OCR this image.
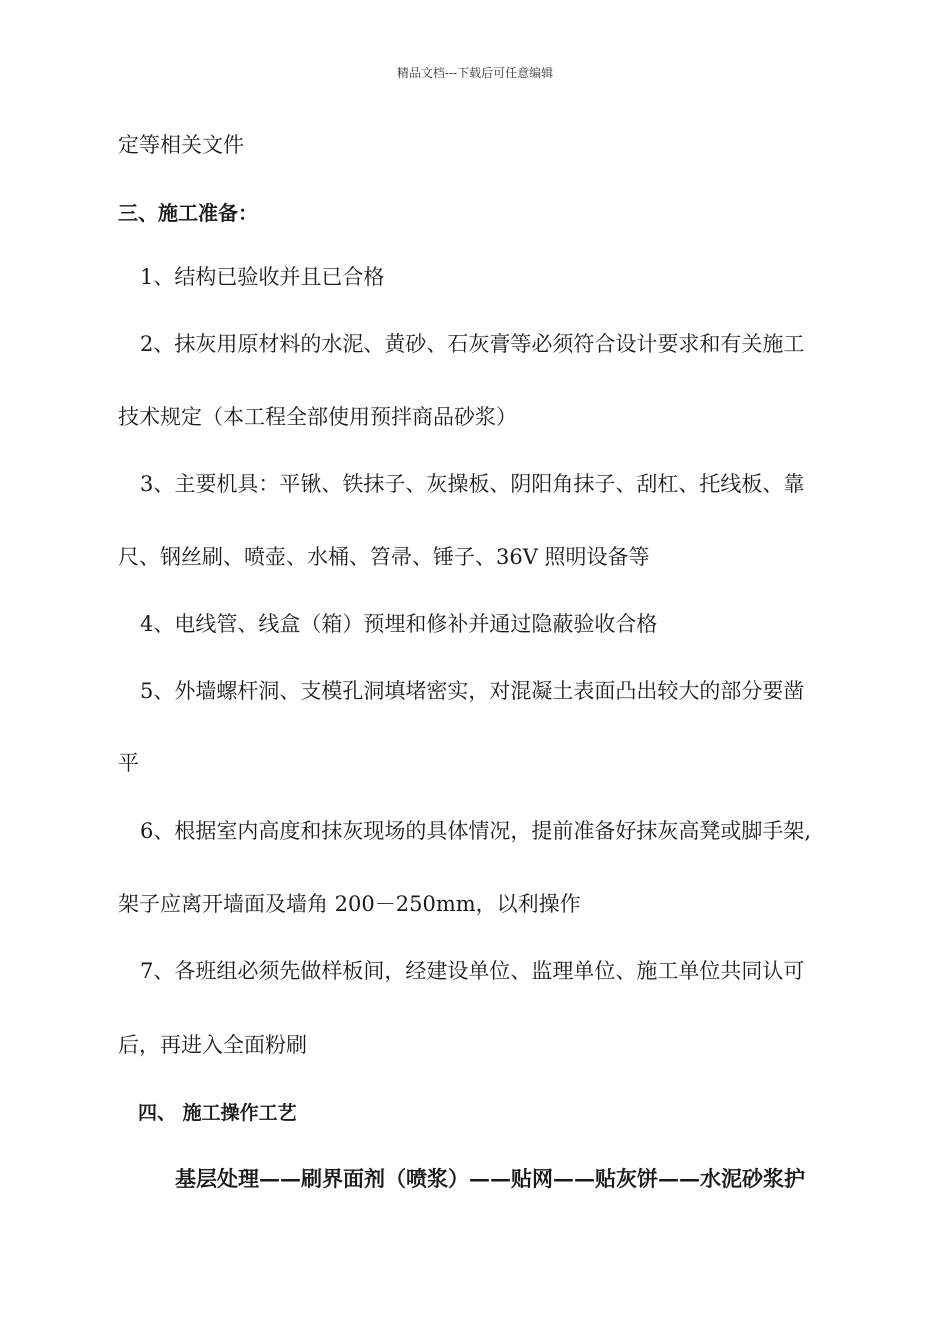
精品文档---下载后可任意编辑
定等相关文件
三、施工准备：
1、结构已验收并且已合格
2、抹灰用原材料的水泥、黄砂、石灰膏等必须符合设计要求和有关施工
技术规定（本工程全部使用预拌商品砂浆）
3、主要机具：平锹、铁抹子、灰操板、阴阳角抹子、刮杠、托线板、靠
尺、钢丝刷、喷壶、水桶、笤帚、锤子、36V 照明设备等
4、电线管、线盒（箱）预埋和修补并通过隐蔽验收合格
5、外墙螺杆洞、支模孔洞填堵密实，对混凝土表面凸出较大的部分要凿
平
6、根据室内高度和抹灰现场的具体情况，提前准备好抹灰高凳或脚手架,
架子应离开墙面及墙角 200－250mm，以利操作
7、各班组必须先做样板间，经建设单位、监理单位、施工单位共同认可
后，再进入全面粉刷
四、 施工操作工艺
基层处理——刷界面剂（喷浆）——贴网——贴灰饼——水泥砂浆护
